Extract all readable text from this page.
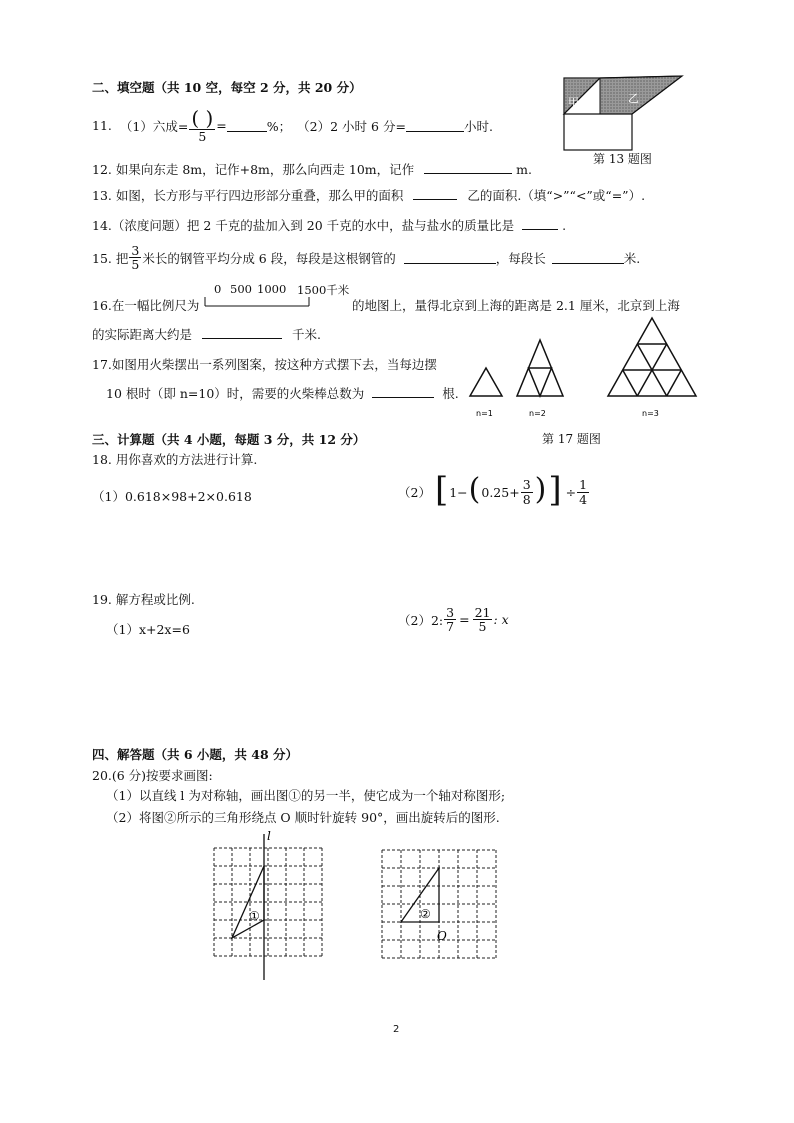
二、填空题（共 10 空，每空 2 分，共 20 分）
11. （1）六成= $\frac{( )}{5}$ =	%； （2）2 小时 6 分=	小时.
甲	乙
第 13 题图
12. 如果向东走 8m，记作+8m，那么向西走 10m，记作	m.
13. 如图，长方形与平行四边形部分重叠，那么甲的面积	乙的面积.（填“>”“<”或“=”）.
14.（浓度问题）把 2 千克的盐加入到 20 千克的水中，盐与盐水的质量比是	.
15. 把 $\frac{3}{5}$ 米长的钢管平均分成 6 段，每段是这根钢管的	，每段长	米.
16.在一幅比例尺为
0 500 1000 1500千米
的地图上，量得北京到上海的距离是 2.1 厘米，北京到上海
的实际距离大约是	千米.
17.如图用火柴摆出一系列图案，按这种方式摆下去，当每边摆
10 根时（即 n=10）时，需要的火柴棒总数为	根.
n=1	n=2	n=3
第 17 题图
三、计算题（共 4 小题，每题 3 分，共 12 分）
18. 用你喜欢的方法进行计算.
（1）0.618×98+2×0.618	（2） [ 1− ( $0.25+ \frac{3}{8}$ ) ] ÷ $\frac{1}{4}$
19. 解方程或比例.
（1）x+2x=6
（2）2: $\frac{3}{7} = \frac{21}{5}$ : x
四、解答题（共 6 小题，共 48 分）
20.(6 分)按要求画图:
（1）以直线 l 为对称轴，画出图①的另一半，使它成为一个轴对称图形;
（2）将图②所示的三角形绕点 O 顺时针旋转 90°，画出旋转后的图形.
l
①	②
O
2
